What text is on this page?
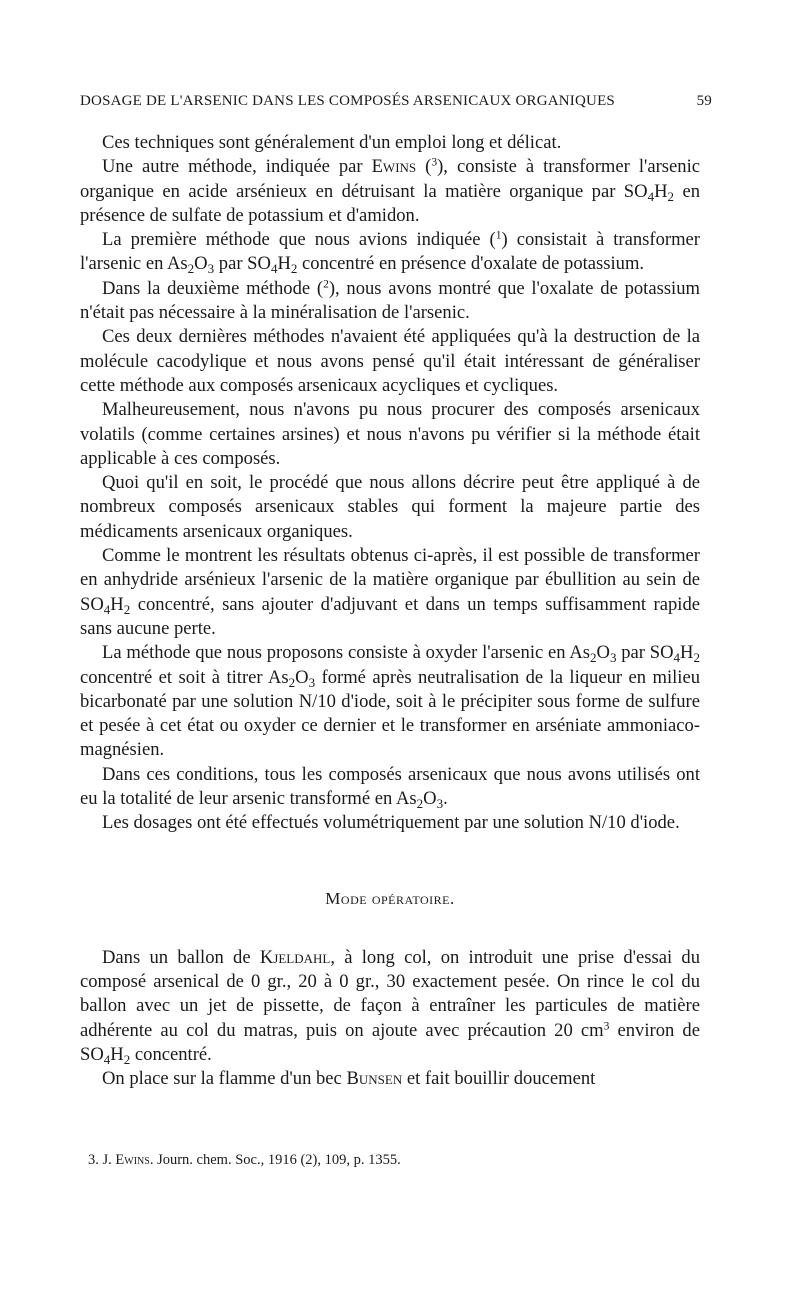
DOSAGE DE L'ARSENIC DANS LES COMPOSÉS ARSENICAUX ORGANIQUES	59

Ces techniques sont généralement d'un emploi long et délicat.

Une autre méthode, indiquée par Ewins ($^3$), consiste à transformer l'arsenic organique en acide arsénieux en détruisant la matière organique par $SO_4H_2$ en présence de sulfate de potassium et d'amidon.

La première méthode que nous avions indiquée ($^1$) consistait à transformer l'arsenic en $As_2O_3$ par $SO_4H_2$ concentré en présence d'oxalate de potassium.

Dans la deuxième méthode ($^2$), nous avons montré que l'oxalate de potassium n'était pas nécessaire à la minéralisation de l'arsenic.

Ces deux dernières méthodes n'avaient été appliquées qu'à la destruction de la molécule cacodylique et nous avons pensé qu'il était intéressant de généraliser cette méthode aux composés arsenicaux acycliques et cycliques.

Malheureusement, nous n'avons pu nous procurer des composés arsenicaux volatils (comme certaines arsines) et nous n'avons pu vérifier si la méthode était applicable à ces composés.

Quoi qu'il en soit, le procédé que nous allons décrire peut être appliqué à de nombreux composés arsenicaux stables qui forment la majeure partie des médicaments arsenicaux organiques.

Comme le montrent les résultats obtenus ci-après, il est possible de transformer en anhydride arsénieux l'arsenic de la matière organique par ébullition au sein de $SO_4H_2$ concentré, sans ajouter d'adjuvant et dans un temps suffisamment rapide sans aucune perte.

La méthode que nous proposons consiste à oxyder l'arsenic en $As_2O_3$ par $SO_4H_2$ concentré et soit à titrer $As_2O_3$ formé après neutralisation de la liqueur en milieu bicarbonaté par une solution N/10 d'iode, soit à le précipiter sous forme de sulfure et pesée à cet état ou oxyder ce dernier et le transformer en arséniate ammoniaco-magnésien.

Dans ces conditions, tous les composés arsenicaux que nous avons utilisés ont eu la totalité de leur arsenic transformé en $As_2O_3$.

Les dosages ont été effectués volumétriquement par une solution N/10 d'iode.

Mode opératoire.

Dans un ballon de Kjeldahl, à long col, on introduit une prise d'essai du composé arsenical de 0 gr., 20 à 0 gr., 30 exactement pesée. On rince le col du ballon avec un jet de pissette, de façon à entraîner les particules de matière adhérente au col du matras, puis on ajoute avec précaution 20 $cm^3$ environ de $SO_4H_2$ concentré.

On place sur la flamme d'un bec Bunsen et fait bouillir doucement

3. J. Ewins. Journ. chem. Soc., 1916 (2), 109, p. 1355.
